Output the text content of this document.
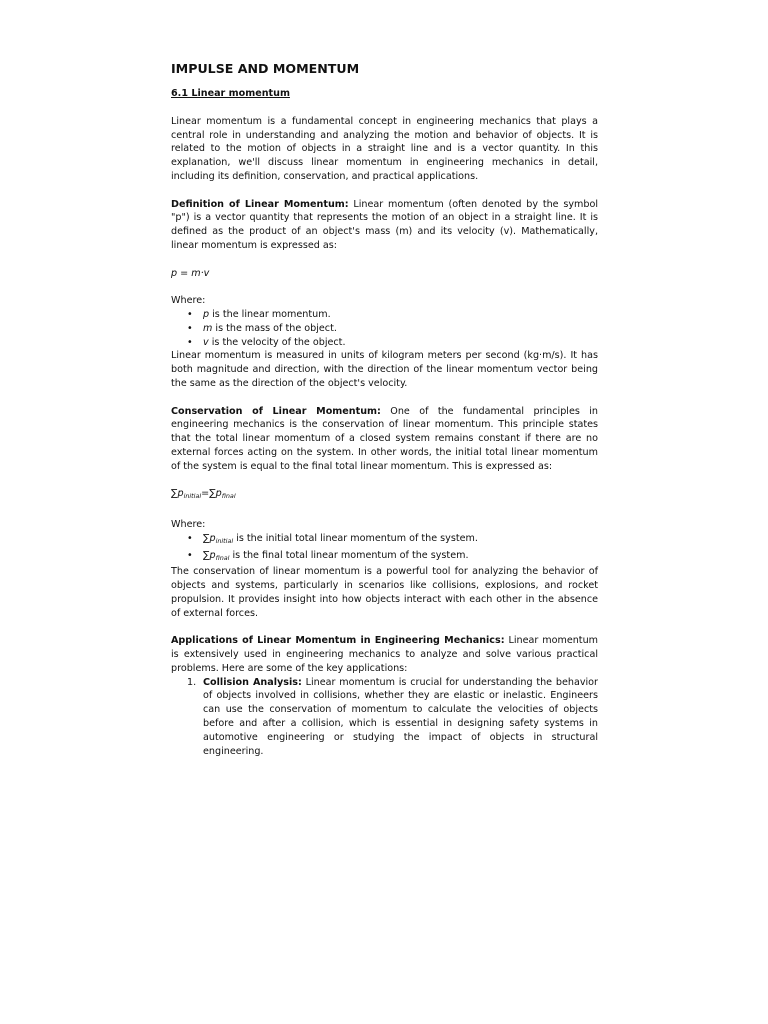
IMPULSE AND MOMENTUM
6.1 Linear momentum

Linear momentum is a fundamental concept in engineering mechanics that plays a central role in understanding and analyzing the motion and behavior of objects. It is related to the motion of objects in a straight line and is a vector quantity. In this explanation, we'll discuss linear momentum in engineering mechanics in detail, including its definition, conservation, and practical applications.

Definition of Linear Momentum: Linear momentum (often denoted by the symbol "p") is a vector quantity that represents the motion of an object in a straight line. It is defined as the product of an object's mass (m) and its velocity (v). Mathematically, linear momentum is expressed as:

p = m·v

Where:

• p is the linear momentum.
• m is the mass of the object.
• v is the velocity of the object.

Linear momentum is measured in units of kilogram meters per second (kg·m/s). It has both magnitude and direction, with the direction of the linear momentum vector being the same as the direction of the object's velocity.

Conservation of Linear Momentum: One of the fundamental principles in engineering mechanics is the conservation of linear momentum. This principle states that the total linear momentum of a closed system remains constant if there are no external forces acting on the system. In other words, the initial total linear momentum of the system is equal to the final total linear momentum. This is expressed as:

$\sum p_{initial}=\sum p_{final}$

Where:

• $\sum p_{initial}$ is the initial total linear momentum of the system.
• $\sum p_{final}$ is the final total linear momentum of the system.

The conservation of linear momentum is a powerful tool for analyzing the behavior of objects and systems, particularly in scenarios like collisions, explosions, and rocket propulsion. It provides insight into how objects interact with each other in the absence of external forces.

Applications of Linear Momentum in Engineering Mechanics: Linear momentum is extensively used in engineering mechanics to analyze and solve various practical problems. Here are some of the key applications:

1. Collision Analysis: Linear momentum is crucial for understanding the behavior of objects involved in collisions, whether they are elastic or inelastic. Engineers can use the conservation of momentum to calculate the velocities of objects before and after a collision, which is essential in designing safety systems in automotive engineering or studying the impact of objects in structural engineering.
